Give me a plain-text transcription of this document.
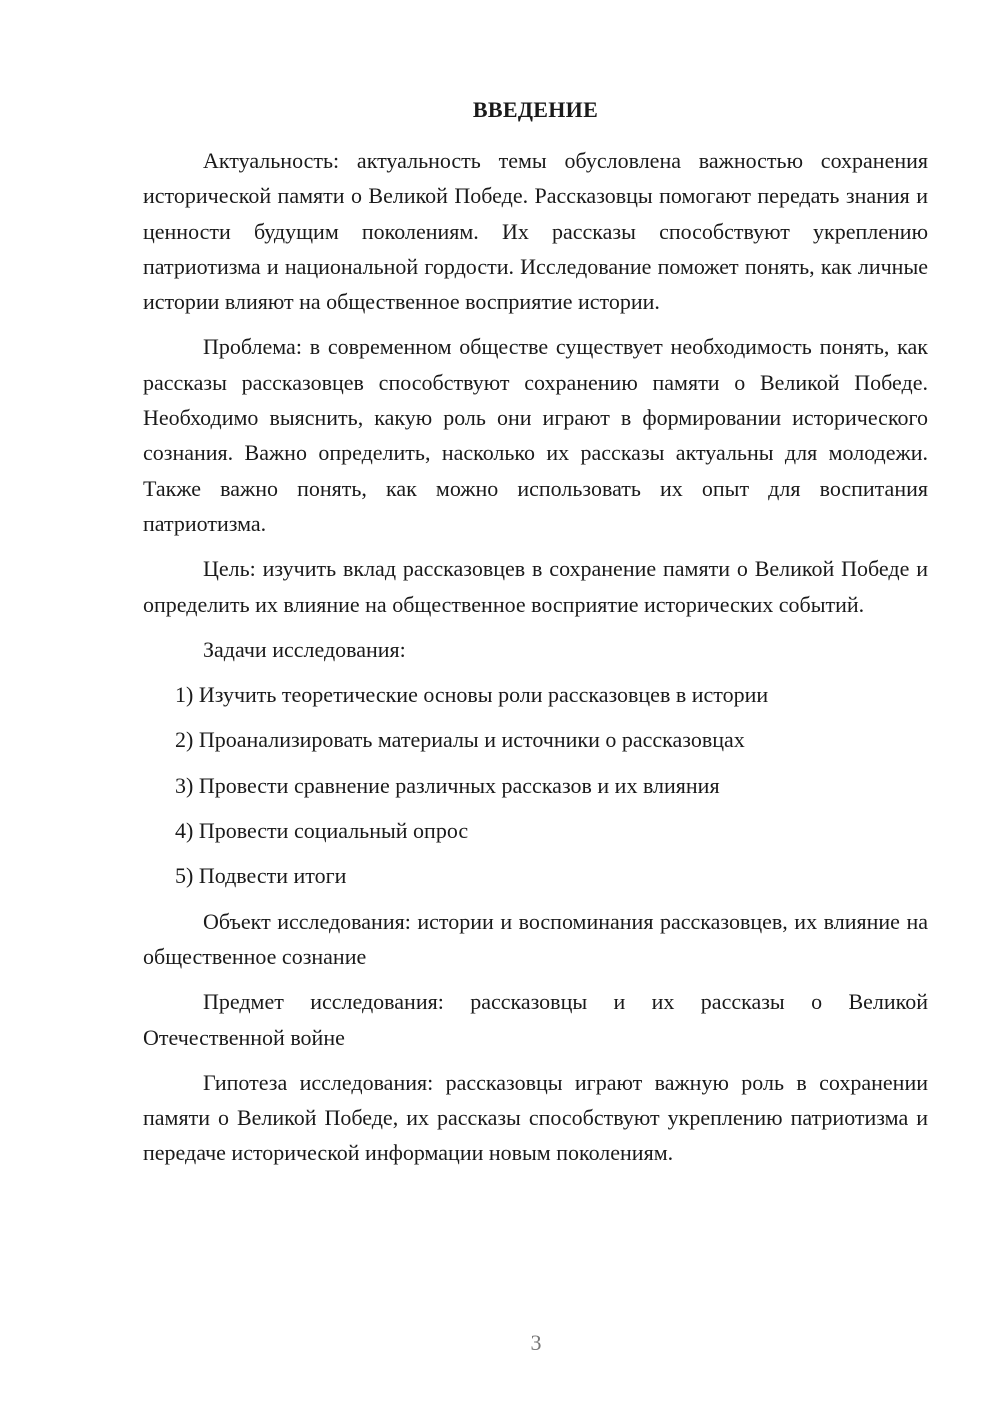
ВВЕДЕНИЕ

Актуальность: актуальность темы обусловлена важностью сохранения исторической памяти о Великой Победе. Рассказовцы помогают передать знания и ценности будущим поколениям. Их рассказы способствуют укреплению патриотизма и национальной гордости. Исследование поможет понять, как личные истории влияют на общественное восприятие истории.

Проблема: в современном обществе существует необходимость понять, как рассказы рассказовцев способствуют сохранению памяти о Великой Победе. Необходимо выяснить, какую роль они играют в формировании исторического сознания. Важно определить, насколько их рассказы актуальны для молодежи. Также важно понять, как можно использовать их опыт для воспитания патриотизма.

Цель: изучить вклад рассказовцев в сохранение памяти о Великой Победе и определить их влияние на общественное восприятие исторических событий.

Задачи исследования:

1) Изучить теоретические основы роли рассказовцев в истории
2) Проанализировать материалы и источники о рассказовцах
3) Провести сравнение различных рассказов и их влияния
4) Провести социальный опрос
5) Подвести итоги

Объект исследования: истории и воспоминания рассказовцев, их влияние на общественное сознание

Предмет исследования: рассказовцы и их рассказы о Великой Отечественной войне

Гипотеза исследования: рассказовцы играют важную роль в сохранении памяти о Великой Победе, их рассказы способствуют укреплению патриотизма и передаче исторической информации новым поколениям.

3
